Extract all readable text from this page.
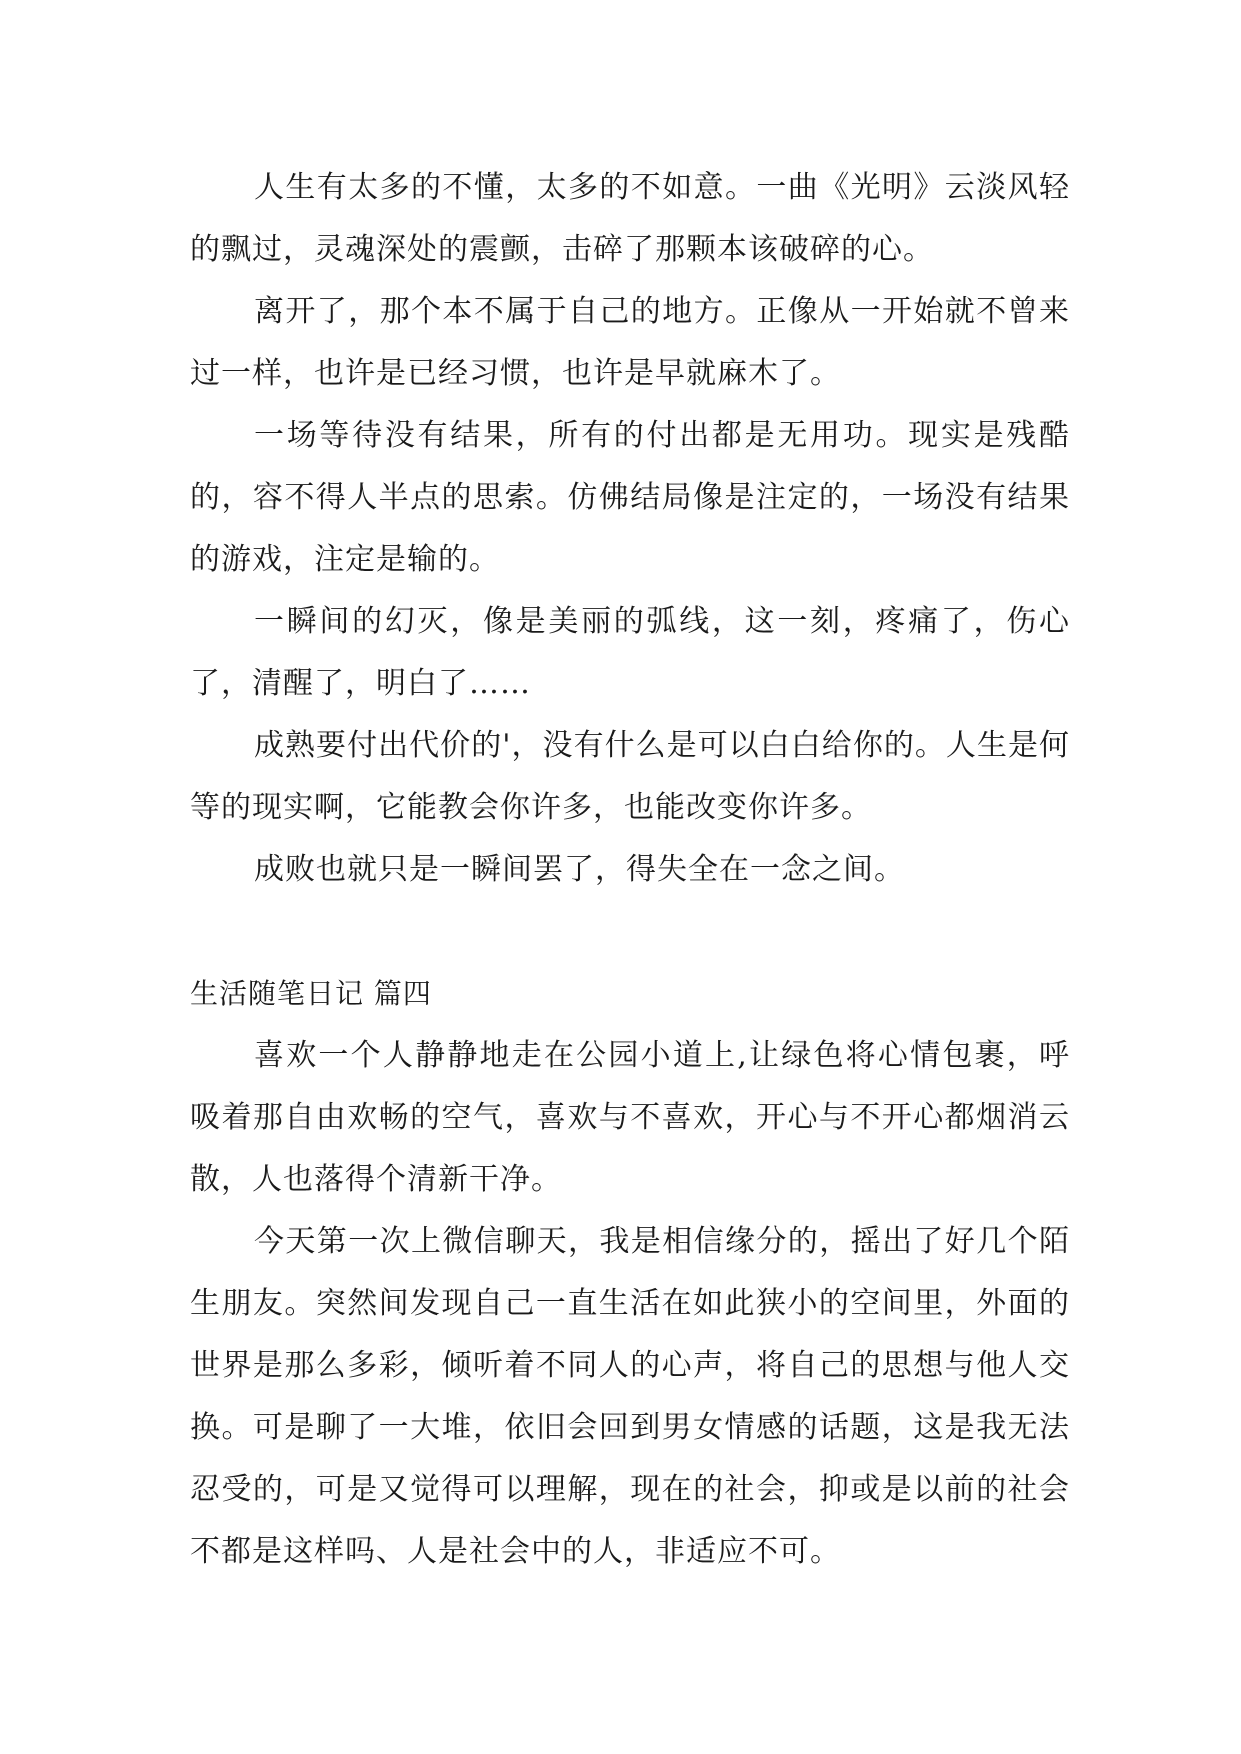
人生有太多的不懂，太多的不如意。一曲《光明》云淡风轻的飘过，灵魂深处的震颤，击碎了那颗本该破碎的心。

离开了，那个本不属于自己的地方。正像从一开始就不曾来过一样，也许是已经习惯，也许是早就麻木了。

一场等待没有结果，所有的付出都是无用功。现实是残酷的，容不得人半点的思索。仿佛结局像是注定的，一场没有结果的游戏，注定是输的。

一瞬间的幻灭，像是美丽的弧线，这一刻，疼痛了，伤心了，清醒了，明白了……

成熟要付出代价的'，没有什么是可以白白给你的。人生是何等的现实啊，它能教会你许多，也能改变你许多。

成败也就只是一瞬间罢了，得失全在一念之间。

生活随笔日记 篇四

喜欢一个人静静地走在公园小道上,让绿色将心情包裹，呼吸着那自由欢畅的空气，喜欢与不喜欢，开心与不开心都烟消云散，人也落得个清新干净。

今天第一次上微信聊天，我是相信缘分的，摇出了好几个陌生朋友。突然间发现自己一直生活在如此狭小的空间里，外面的世界是那么多彩，倾听着不同人的心声，将自己的思想与他人交换。可是聊了一大堆，依旧会回到男女情感的话题，这是我无法忍受的，可是又觉得可以理解，现在的社会，抑或是以前的社会不都是这样吗、人是社会中的人，非适应不可。
